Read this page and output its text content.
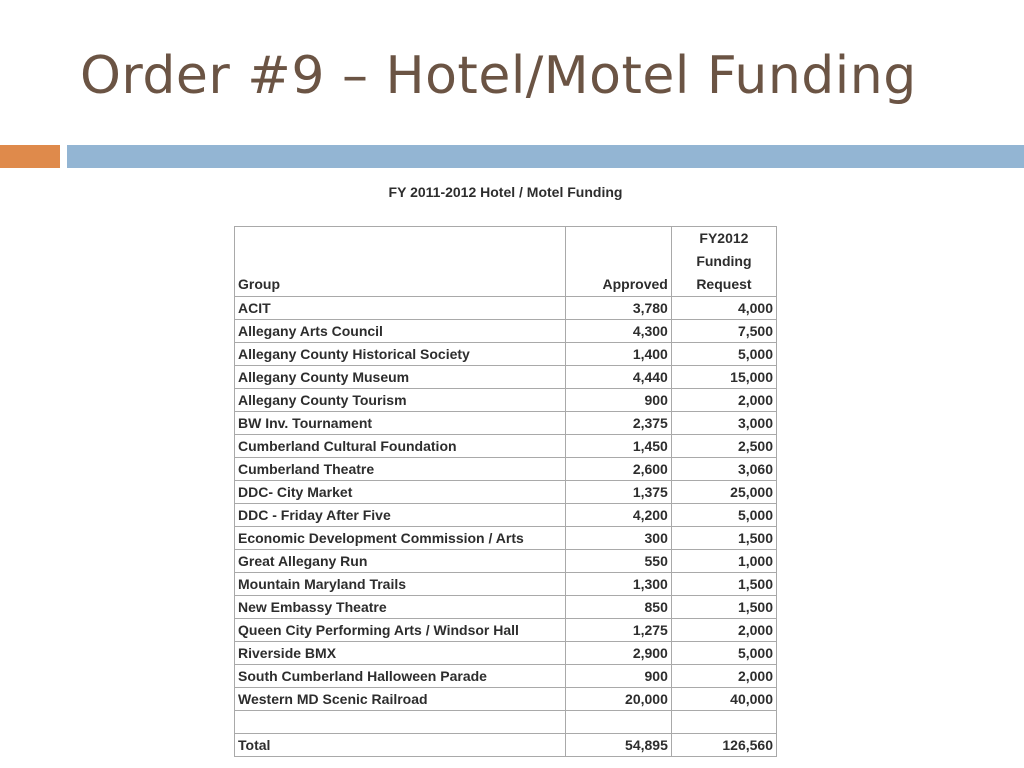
Order #9 – Hotel/Motel Funding
FY 2011-2012 Hotel / Motel Funding		
Group	Approved	FY2012
Funding
Request

ACIT	3,780	4,000
Allegany Arts Council	4,300	7,500
Allegany County Historical Society	1,400	5,000
Allegany County Museum	4,440	15,000
Allegany County Tourism	900	2,000
BW Inv. Tournament	2,375	3,000
Cumberland Cultural Foundation	1,450	2,500
Cumberland Theatre	2,600	3,060
DDC- City Market	1,375	25,000
DDC - Friday After Five	4,200	5,000
Economic Development Commission / Arts	300	1,500
Great Allegany Run	550	1,000
Mountain Maryland Trails	1,300	1,500
New Embassy Theatre	850	1,500
Queen City Performing Arts / Windsor Hall	1,275	2,000
Riverside BMX	2,900	5,000
South Cumberland Halloween Parade	900	2,000
Western MD Scenic Railroad	20,000	40,000

Total	54,895	126,560
